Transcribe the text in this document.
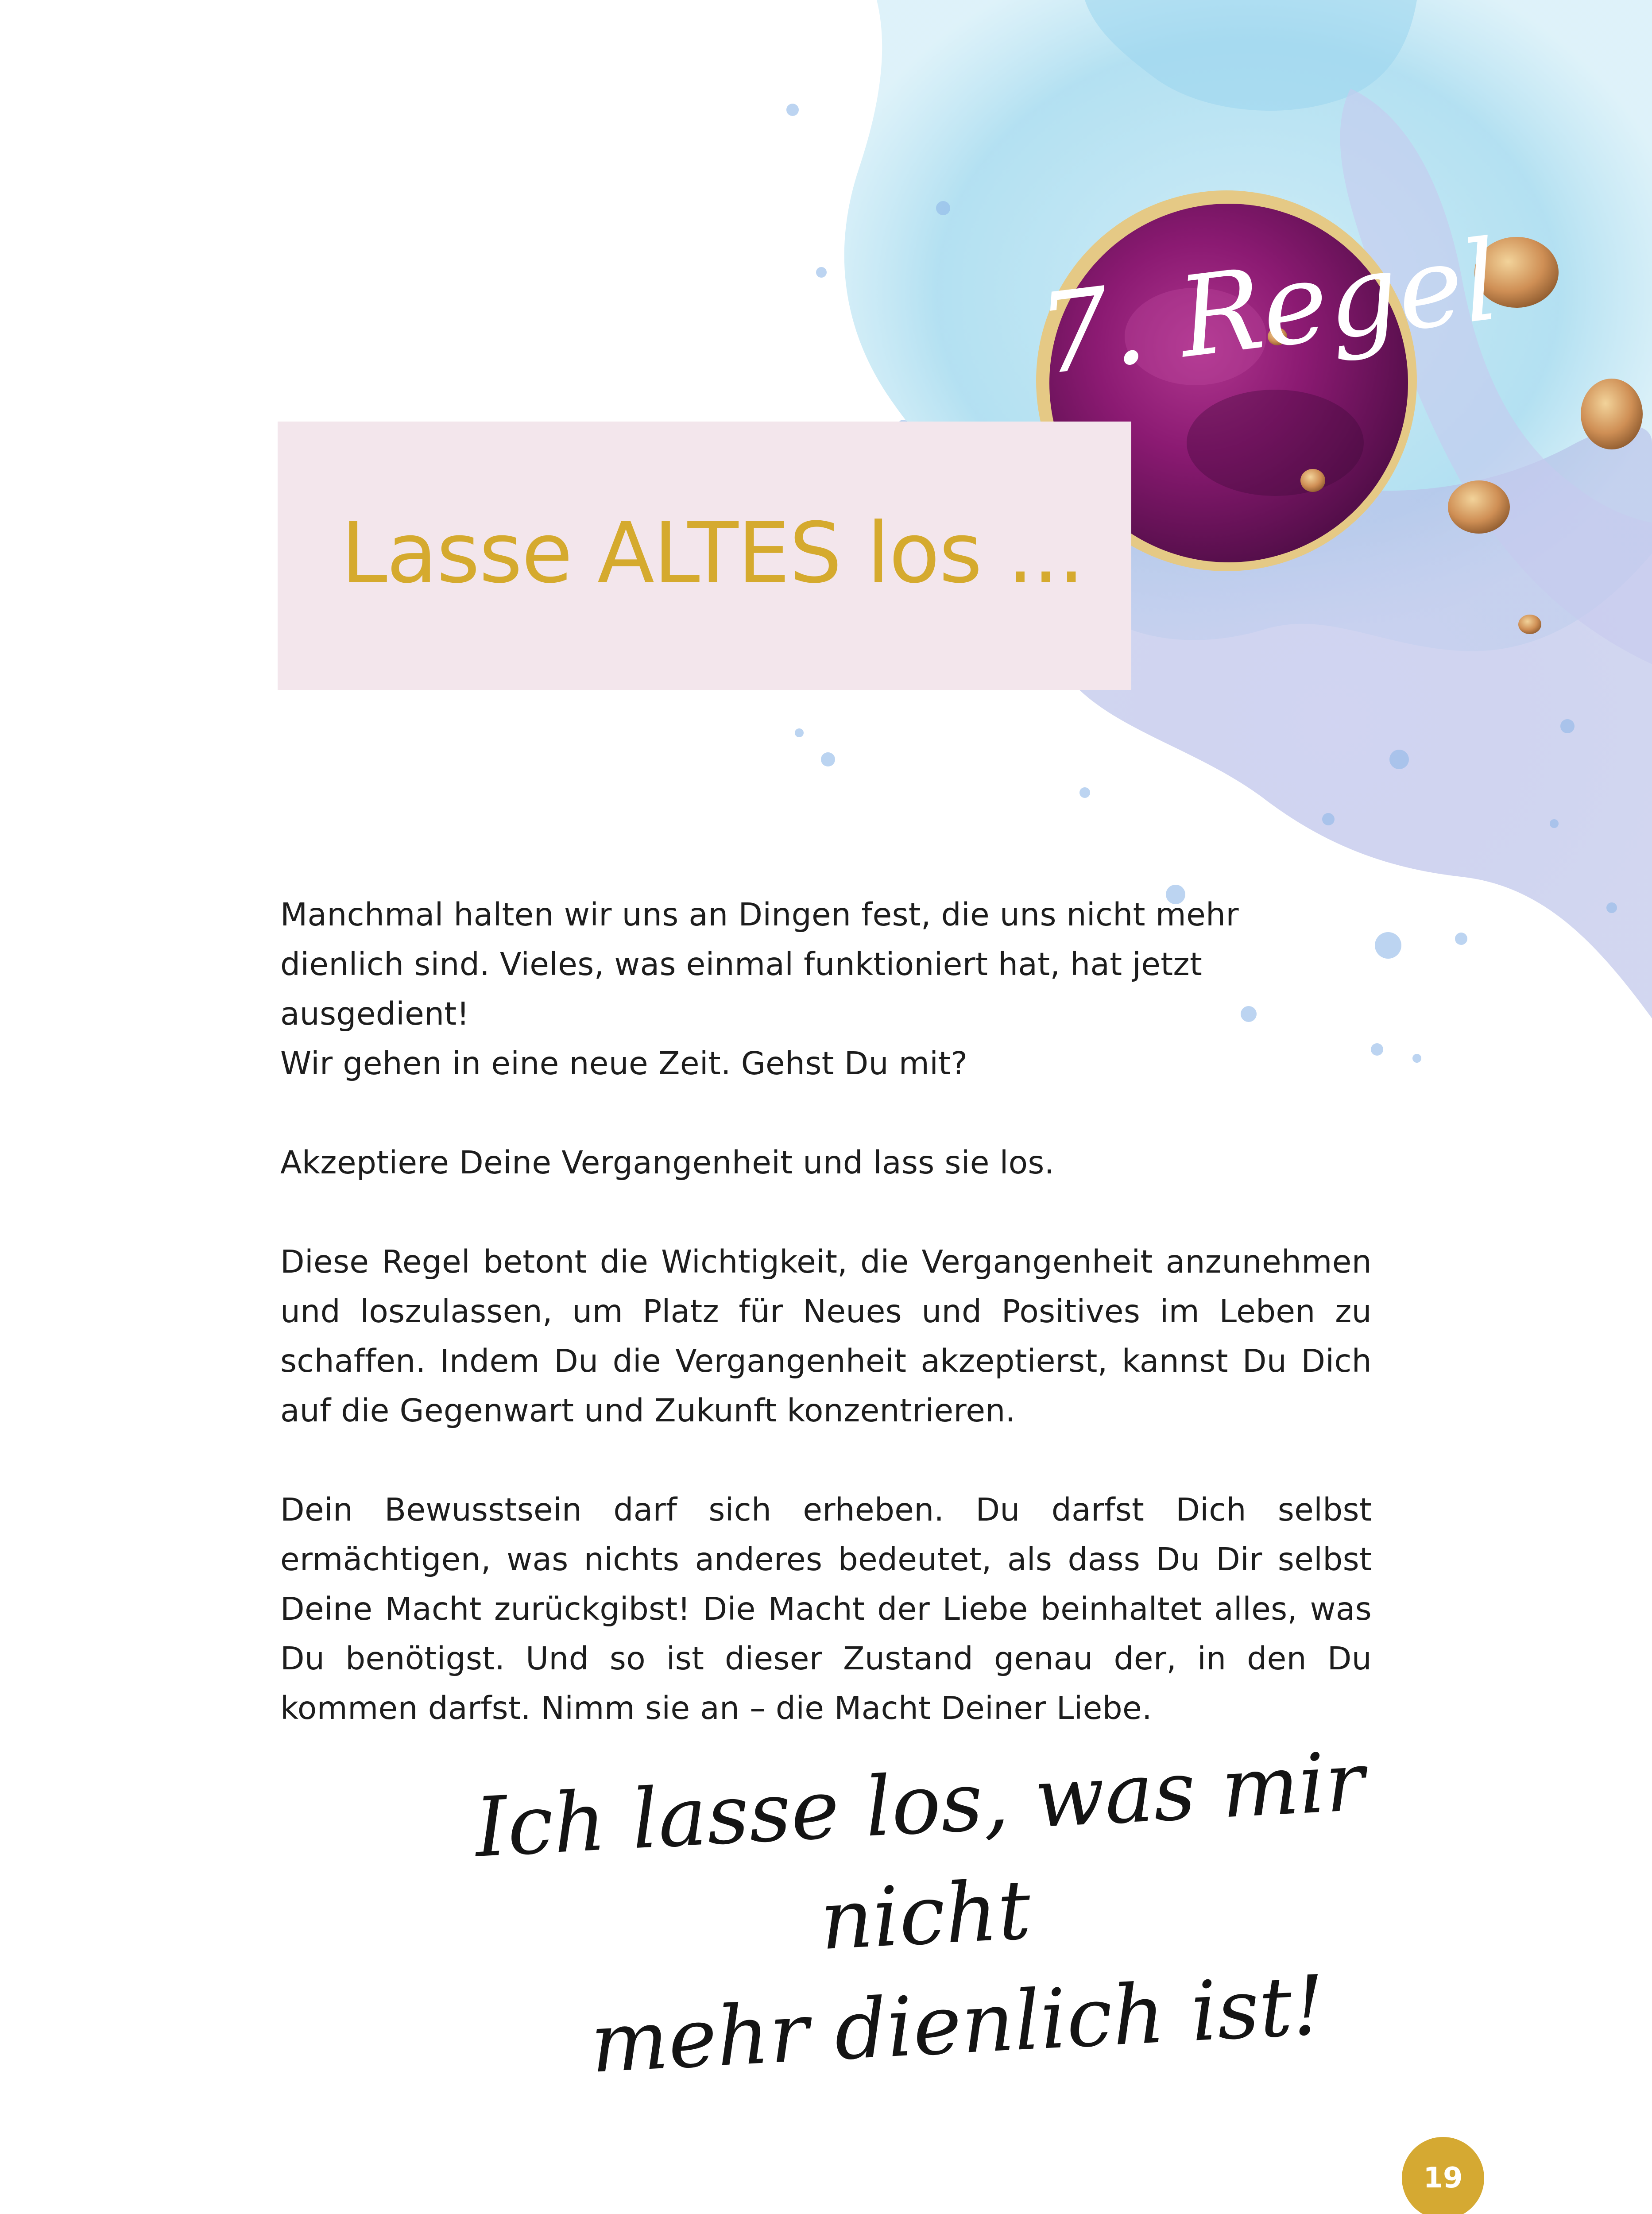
Lasse ALTES los ...
7. Regel

Manchmal halten wir uns an Dingen fest, die uns nicht mehr dienlich sind. Vieles, was einmal funktioniert hat, hat jetzt ausgedient!
Wir gehen in eine neue Zeit. Gehst Du mit?

Akzeptiere Deine Vergangenheit und lass sie los.

Diese Regel betont die Wichtigkeit, die Vergangenheit anzunehmen und loszulassen, um Platz für Neues und Positives im Leben zu schaffen. Indem Du die Vergangenheit akzeptierst, kannst Du Dich auf die Gegenwart und Zukunft konzentrieren.

Dein Bewusstsein darf sich erheben. Du darfst Dich selbst ermächtigen, was nichts anderes bedeutet, als dass Du Dir selbst Deine Macht zurückgibst! Die Macht der Liebe beinhaltet alles, was Du benötigst. Und so ist dieser Zustand genau der, in den Du kommen darfst. Nimm sie an – die Macht Deiner Liebe.

Ich lasse los, was mir nicht
mehr dienlich ist!
19
